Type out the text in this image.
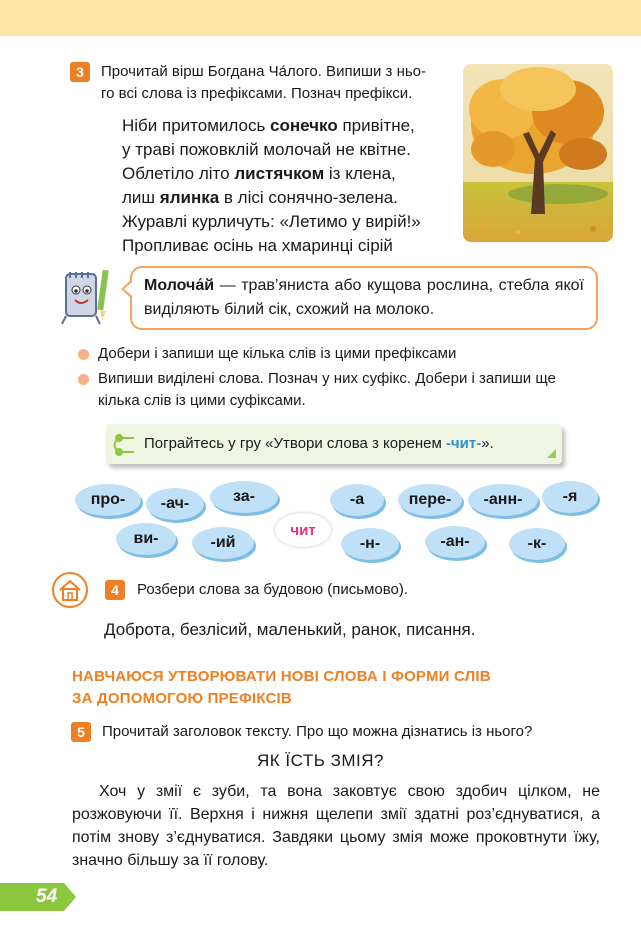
3	Прочитай вірш Богдана Ча́лого. Випиши з ньо-
го всі слова із префіксами. Познач префікси.
Ніби притомилось сонечко привітне,
у траві пожовклій молочай не квітне.
Облетіло літо листячком із клена,
лиш ялинка в лісі сонячно-зелена.
Журавлі курличуть: «Летимо у вирій!»
Пропливає осінь на хмаринці сірій
Молоча́й — трав’яниста або кущова рослина, стебла якої виділяють білий сік, схожий на молоко.
Добери і запиши ще кілька слів із цими префіксами
Випиши виділені слова. Познач у них суфікс. Добери і запиши ще
кілька слів із цими суфіксами.
Пограйтесь у гру «Утвори слова з коренем -чит-».
про-	-ач-	за-	-а	пере-	-анн-	-я
ви-	-ий
чит
-н-	-ан-	-к-
4	Розбери слова за будовою (письмово).
Доброта, безлісий, маленький, ранок, писання.
НАВЧАЮСЯ УТВОРЮВАТИ НОВІ СЛОВА І ФОРМИ СЛІВ
ЗА ДОПОМОГОЮ ПРЕФІКСІВ
5	Прочитай заголовок тексту. Про що можна дізнатись із нього?
ЯК ЇСТЬ ЗМІЯ?
Хоч у змії є зуби, та вона заковтує свою здобич цілком, не розжовуючи її. Верхня і нижня щелепи змії здатні роз’єднуватися, а потім знову з’єднуватися. Завдяки цьому змія може проковтнути їжу, значно більшу за її голову.
54
